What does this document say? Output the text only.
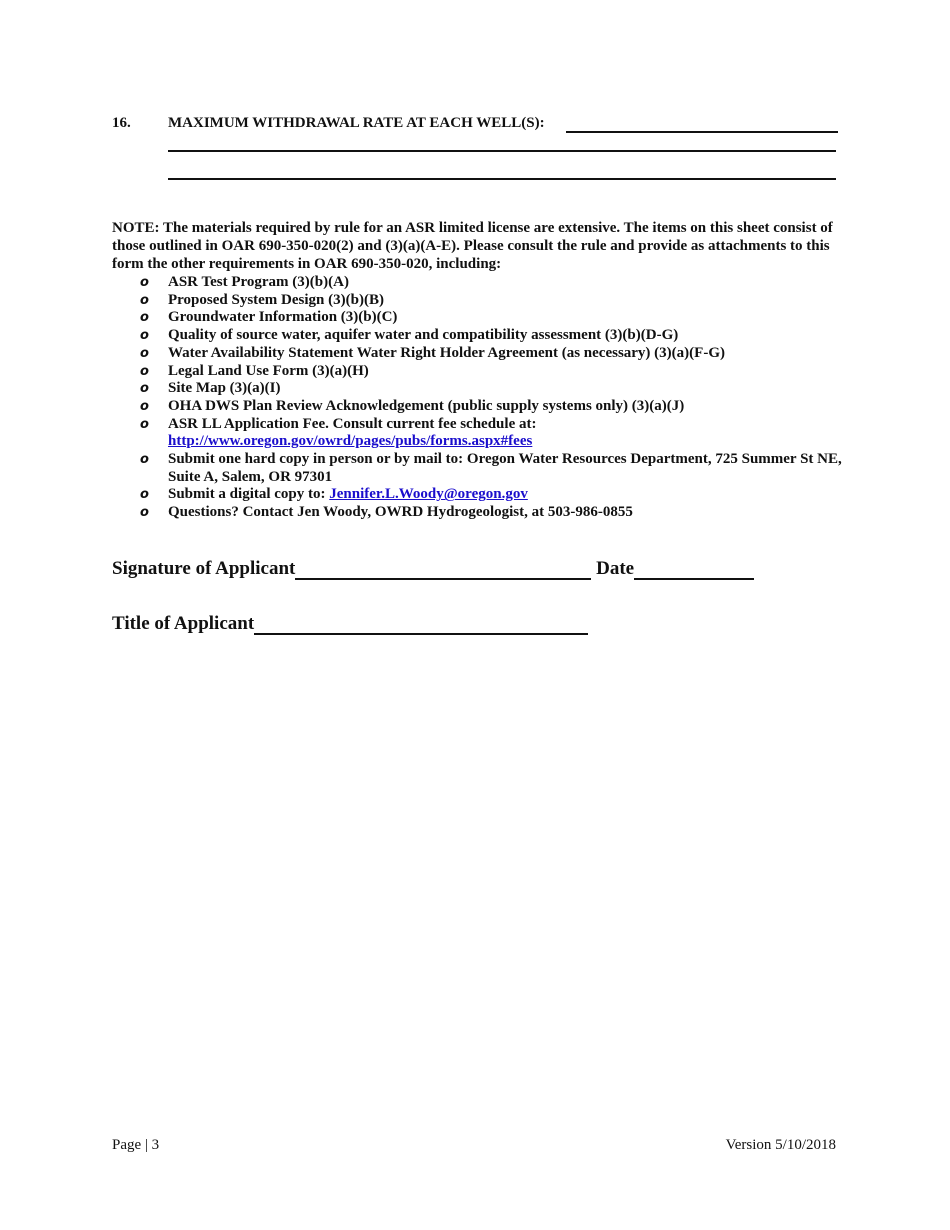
16. MAXIMUM WITHDRAWAL RATE AT EACH WELL(S):
NOTE: The materials required by rule for an ASR limited license are extensive. The items on this sheet consist of those outlined in OAR 690-350-020(2) and (3)(a)(A-E). Please consult the rule and provide as attachments to this form the other requirements in OAR 690-350-020, including:
o ASR Test Program (3)(b)(A)
o Proposed System Design (3)(b)(B)
o Groundwater Information (3)(b)(C)
o Quality of source water, aquifer water and compatibility assessment (3)(b)(D-G)
o Water Availability Statement Water Right Holder Agreement (as necessary) (3)(a)(F-G)
o Legal Land Use Form (3)(a)(H)
o Site Map (3)(a)(I)
o OHA DWS Plan Review Acknowledgement (public supply systems only) (3)(a)(J)
o ASR LL Application Fee. Consult current fee schedule at:
http://www.oregon.gov/owrd/pages/pubs/forms.aspx#fees
o Submit one hard copy in person or by mail to: Oregon Water Resources Department, 725 Summer St NE, Suite A, Salem, OR 97301
o Submit a digital copy to: Jennifer.L.Woody@oregon.gov
o Questions? Contact Jen Woody, OWRD Hydrogeologist, at 503-986-0855
Signature of Applicant	Date
Title of Applicant
Page | 3	Version 5/10/2018
